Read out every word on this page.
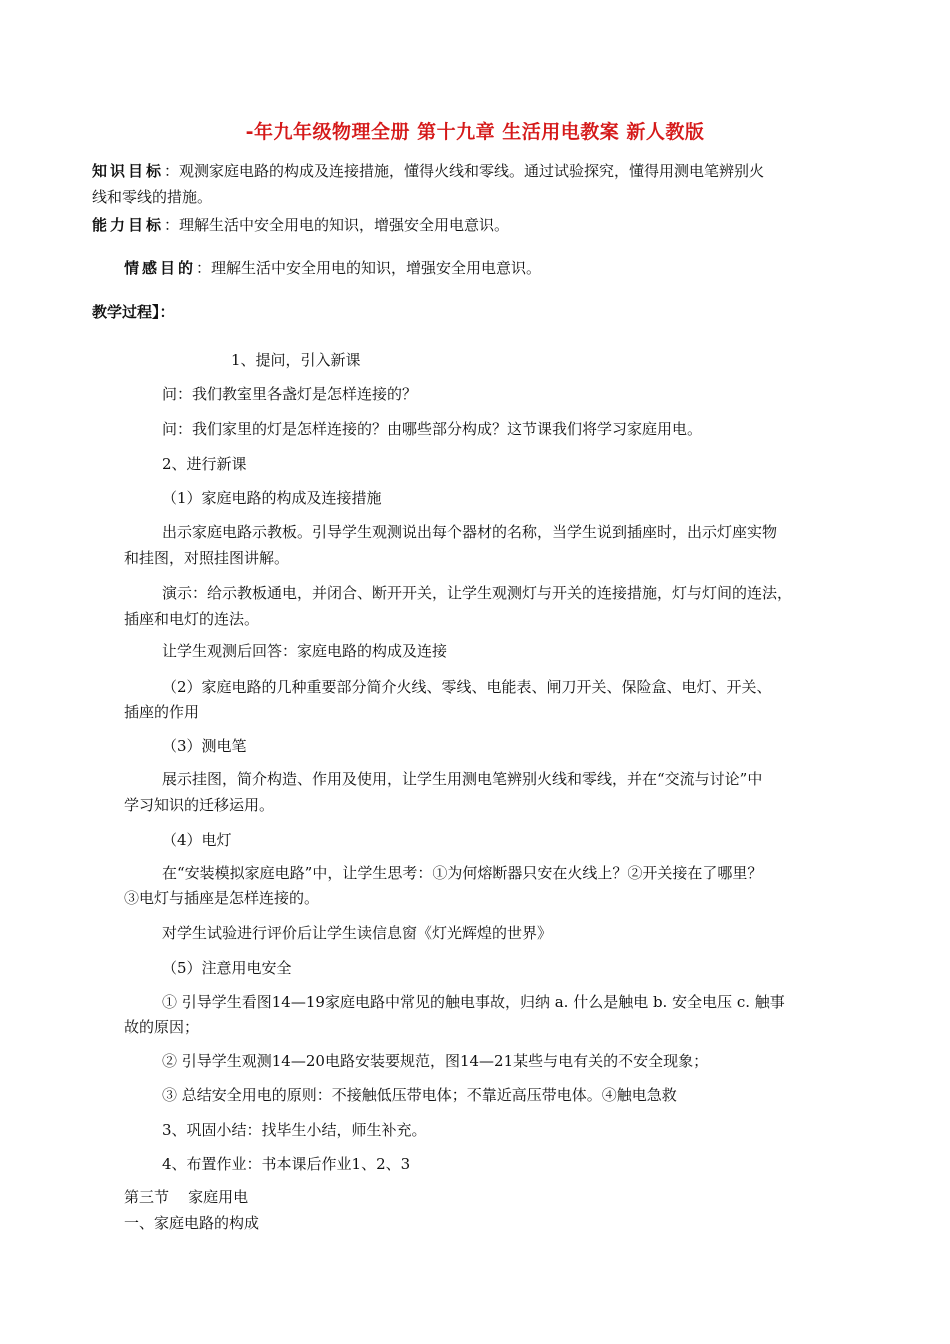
-年九年级物理全册 第十九章 生活用电教案 新人教版
知识目标：观测家庭电路的构成及连接措施，懂得火线和零线。通过试验探究，懂得用测电笔辨别火
线和零线的措施。
能力目标：理解生活中安全用电的知识，增强安全用电意识。
情感目的：理解生活中安全用电的知识，增强安全用电意识。
教学过程】：
1、提问，引入新课
问：我们教室里各盏灯是怎样连接的？
问：我们家里的灯是怎样连接的？由哪些部分构成？这节课我们将学习家庭用电。
2、进行新课
（1）家庭电路的构成及连接措施
出示家庭电路示教板。引导学生观测说出每个器材的名称，当学生说到插座时，出示灯座实物
和挂图，对照挂图讲解。
演示：给示教板通电，并闭合、断开开关，让学生观测灯与开关的连接措施，灯与灯间的连法，
插座和电灯的连法。
让学生观测后回答：家庭电路的构成及连接
（2）家庭电路的几种重要部分简介火线、零线、电能表、闸刀开关、保险盒、电灯、开关、
插座的作用
（3）测电笔
展示挂图，简介构造、作用及使用，让学生用测电笔辨别火线和零线，并在“交流与讨论”中
学习知识的迁移运用。
（4）电灯
在“安装模拟家庭电路”中，让学生思考：①为何熔断器只安在火线上？②开关接在了哪里？
③电灯与插座是怎样连接的。
对学生试验进行评价后让学生读信息窗《灯光辉煌的世界》
（5）注意用电安全
① 引导学生看图14—19家庭电路中常见的触电事故，归纳 a. 什么是触电 b. 安全电压 c. 触事
故的原因；
② 引导学生观测14—20电路安装要规范，图14—21某些与电有关的不安全现象；
③ 总结安全用电的原则：不接触低压带电体；不靠近高压带电体。④触电急救
3、巩固小结：找毕生小结，师生补充。
4、布置作业：书本课后作业1、2、3
第三节    家庭用电
一、家庭电路的构成
